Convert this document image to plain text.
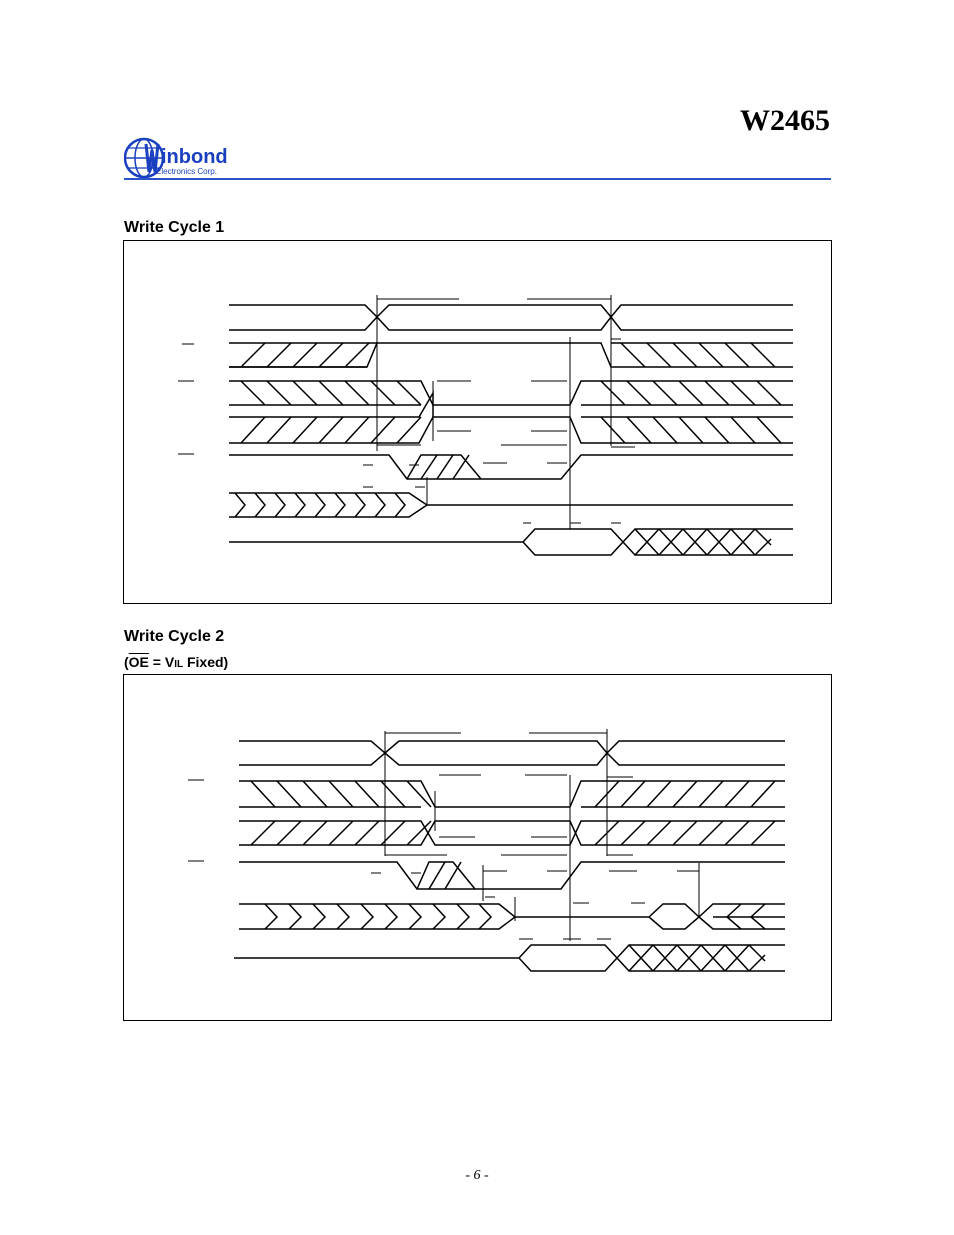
W2465
inbond
Electronics Corp.
Write Cycle 1
Write Cycle 2
($\overline{OE}$ = VIL Fixed)
- 6 -
